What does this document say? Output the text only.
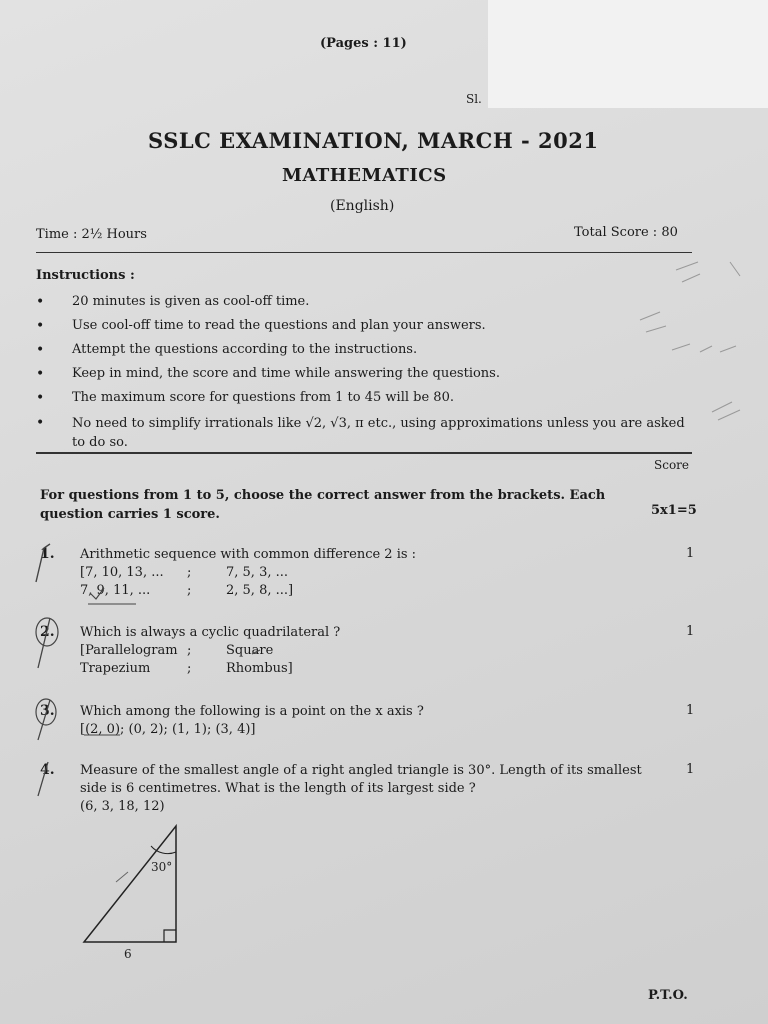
(Pages : 11)
Sl.
SSLC EXAMINATION, MARCH - 2021
MATHEMATICS
(English)
Time : 2½ Hours	Total Score : 80
Instructions :
• 20 minutes is given as cool-off time.
• Use cool-off time to read the questions and plan your answers.
• Attempt the questions according to the instructions.
• Keep in mind, the score and time while answering the questions.
• The maximum score for questions from 1 to 45 will be 80.
• No need to simplify irrationals like √2, √3, π etc., using approximations unless you are asked to do so.
Score
For questions from 1 to 5, choose the correct answer from the brackets. Each question carries 1 score.	5x1=5
1. Arithmetic sequence with common difference 2 is :
[7, 10, 13, ... ;	7, 5, 3, ...
7, 9, 11, ...	;	2, 5, 8, ...]
1
2. Which is always a cyclic quadrilateral ?
[Parallelogram ;	Square
Trapezium	;	Rhombus]
1
3. Which among the following is a point on the x axis ?
[(2, 0); (0, 2); (1, 1); (3, 4)]
1
4. Measure of the smallest angle of a right angled triangle is 30°. Length of its smallest
side is 6 centimetres. What is the length of its largest side ?
(6, 3, 18, 12)
1
30°
6
P.T.O.
